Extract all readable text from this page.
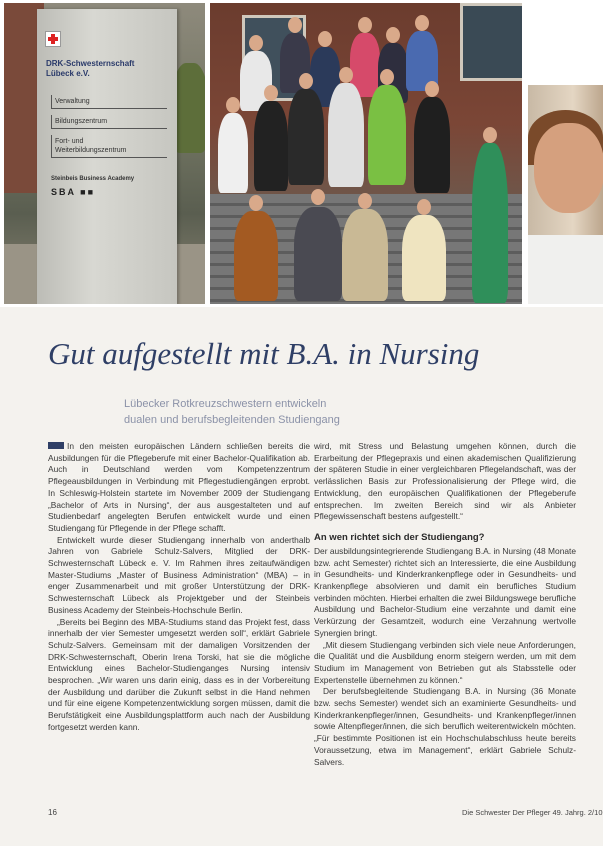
DRK-Schwesternschaft
Lübeck e.V.
Verwaltung
Bildungszentrum
Fort- und
Weiterbildungszentrum
Steinbeis Business Academy
SBA ■■
Gut aufgestellt mit B.A. in Nursing
Lübecker Rotkreuzschwestern entwickeln
dualen und berufsbegleitenden Studiengang

In den meisten europäischen Ländern schließen bereits die Ausbildungen für die Pflegeberufe mit einer Bachelor-Qualifikation ab. Auch in Deutschland werden vom Kompetenzzentrum Pflegeausbildungen in Verbindung mit Pflegestudiengängen erprobt. In Schleswig-Holstein startete im November 2009 der Studiengang „Bachelor of Arts in Nursing“, der aus ausgestalteten und auf Studienbedarf angelegten Berufen entwickelt wurde und einen Studiengang für Pflegende in der Pflege schafft.

Entwickelt wurde dieser Studiengang innerhalb von anderthalb Jahren von Gabriele Schulz-Salvers, Mitglied der DRK-Schwesternschaft Lübeck e. V. Im Rahmen ihres zeitaufwändigen Master-Studiums „Master of Business Administration“ (MBA) – in enger Zusammenarbeit und mit großer Unterstützung der DRK-Schwesternschaft Lübeck als Projektgeber und der Steinbeis Business Academy der Steinbeis-Hochschule Berlin.

„Bereits bei Beginn des MBA-Studiums stand das Projekt fest, dass innerhalb der vier Semester umgesetzt werden soll“, erklärt Gabriele Schulz-Salvers. Gemeinsam mit der damaligen Vorsitzenden der DRK-Schwesternschaft, Oberin Irena Torski, hat sie die mögliche Entwicklung eines Bachelor-Studienganges Nursing intensiv besprochen. „Wir waren uns darin einig, dass es in der Vorbereitung der Ausbildung und darüber die Zukunft selbst in die Hand nehmen und für eine eigene Kompetenzentwicklung sorgen müssen, damit die Berufstätigkeit eine Ausbildungsplattform auch nach der Ausbildung fortgesetzt werden kann.

wird, mit Stress und Belastung umgehen können, durch die Erarbeitung der Pflegepraxis und einen akademischen Qualifizierung der späteren Studie in einer vergleichbaren Pflegelandschaft, was der verlässlichen Basis zur Professionalisierung der Pflege wird, die Entwicklung, den europäischen Qualifikationen der Pflegeberufe entsprechen. Im zweiten Bereich sind wir als Anbieter Pflegewissenschaft bestens aufgestellt.“

An wen richtet sich der Studiengang?

Der ausbildungsintegrierende Studiengang B.A. in Nursing (48 Monate bzw. acht Semester) richtet sich an Interessierte, die eine Ausbildung in Gesundheits- und Kinderkrankenpflege oder in Gesundheits- und Krankenpflege absolvieren und damit ein berufliches Studium verbinden möchten. Hierbei erhalten die zwei Bildungswege berufliche Ausbildung und Bachelor-Studium eine verzahnte und damit eine Verkürzung der Gesamtzeit, wodurch eine Verzahnung wertvolle Synergien bringt.

„Mit diesem Studiengang verbinden sich viele neue Anforderungen, die Qualität und die Ausbildung enorm steigern werden, um mit dem Studium im Management von Betrieben gut als Stabsstelle oder Expertenstelle übernehmen zu können.“

Der berufsbegleitende Studiengang B.A. in Nursing (36 Monate bzw. sechs Semester) wendet sich an examinierte Gesundheits- und Kinderkrankenpfleger/innen, Gesundheits- und Krankenpfleger/innen sowie Altenpfleger/innen, die sich beruflich weiterentwickeln möchten. „Für bestimmte Positionen ist ein Hochschulabschluss heute bereits Voraussetzung, etwa im Management“, erklärt Gabriele Schulz-Salvers.

16	Die Schwester Der Pfleger 49. Jahrg. 2/10
